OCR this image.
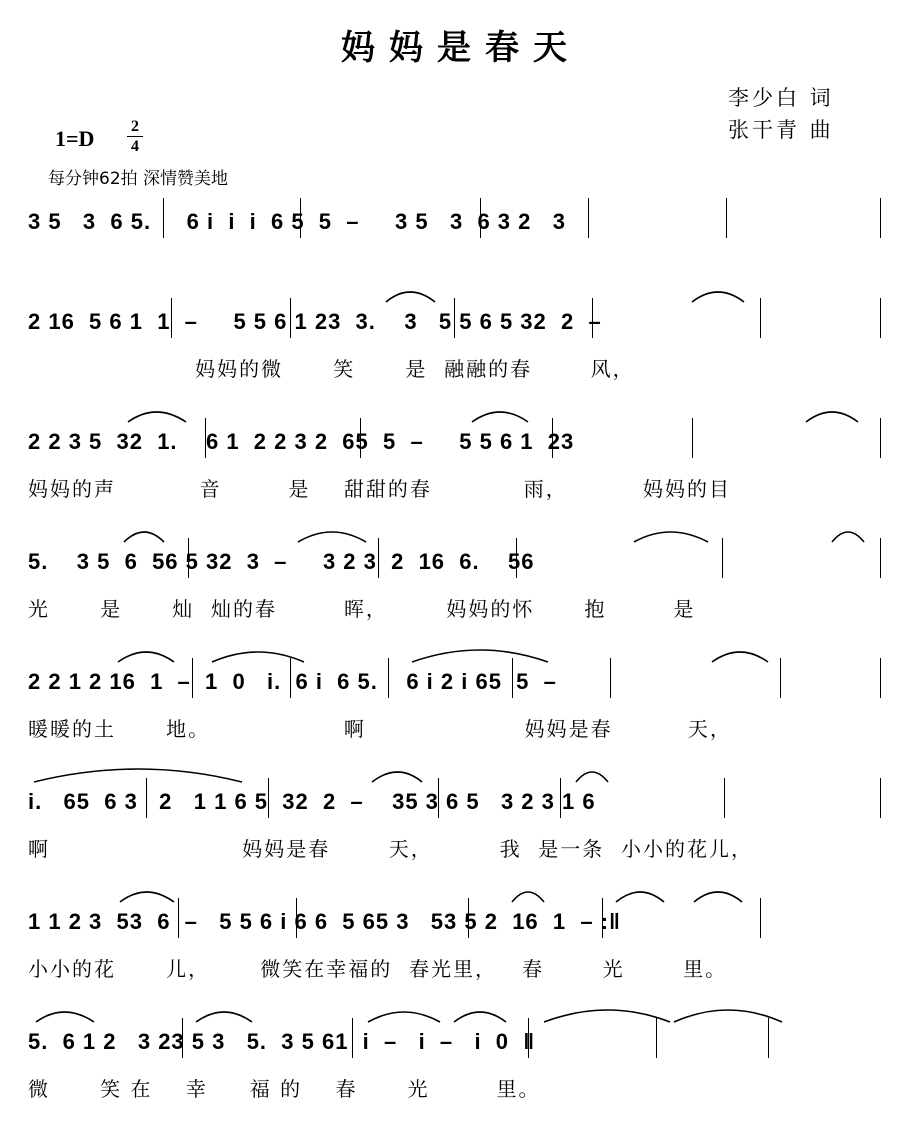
妈妈是春天
李少白 词
张干青 曲
1=D 2
4
每分钟62拍 深情赞美地
3 5   3  6 5.     6 i  i  i  6 5  5  –     3 5   3  6 3 2   3
2 16  5 6 1  1  –     5 5 6 1 23  3.    3   5 5 6 5 32  2  –
妈妈的微      笑      是  融融的春       风，
2 2 3 5  32  1.    6 1  2 2 3 2  65  5  –     5 5 6 1  23
妈妈的声          音        是    甜甜的春           雨，         妈妈的目
5.    3 5  6  56 5 32  3  –     3 2 3  2  16  6.    56
光      是      灿  灿的春        晖，       妈妈的怀      抱        是
2 2 1 2 16  1  –  1  0   i.  6 i  6 5.    6 i 2 i 65  5  –
暖暖的土      地。                啊                   妈妈是春         天，
i.   65  6 3   2   1 1 6 5  32  2  –    35 3 6 5   3 2 3 1 6
啊                       妈妈是春       天，        我  是一条  小小的花儿，
1 1 2 3  53  6  –   5 5 6 i 6 6  5 65 3   53 5 2  16  1  – :‖
小小的花      儿，      微笑在幸福的  春光里，   春       光       里。
5.  6 1 2   3 23 5 3   5.  3 5 61  i  –   i  –   i  0  ‖
微      笑 在    幸     福 的    春      光        里。
